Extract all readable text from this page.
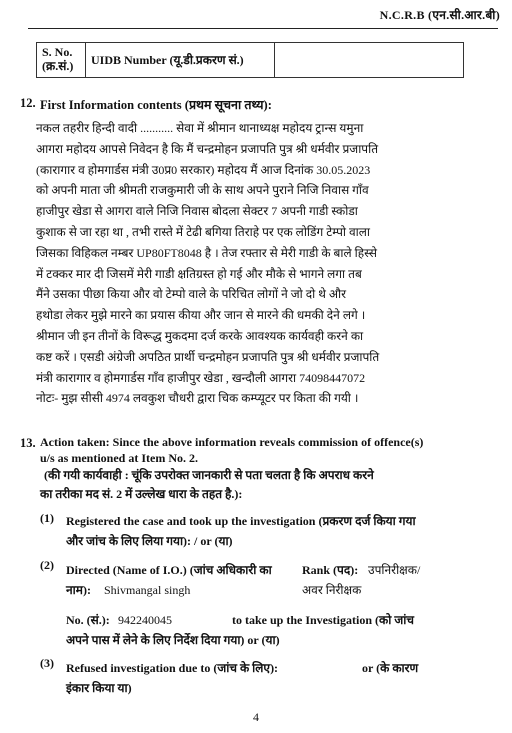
N.C.R.B (एन.सी.आर.बी)
S. No.
(क्र.सं.)	UIDB Number (यू.डी.प्रकरण सं.)	
12. First Information contents (प्रथम सूचना तथ्य):

नकल तहरीर हिन्दी वादी ........... सेवा में श्रीमान थानाध्यक्ष महोदय ट्रान्स यमुना

आगरा महोदय आपसे निवेदन है कि मैं चन्द्रमोहन प्रजापति पुत्र श्री धर्मवीर प्रजापति

(कारागार व होमगार्डस मंत्री उ0प्र0 सरकार) महोदय मैं आज दिनांक 30.05.2023

को अपनी माता जी श्रीमती राजकुमारी जी के साथ अपने पुराने निजि निवास गाँव

हाजीपुर खेडा से आगरा वाले निजि निवास बोदला सेक्टर 7 अपनी गाडी स्कोडा

कुशाक से जा रहा था , तभी रास्ते में टेढी बगिया तिराहे पर एक लोडिंग टेम्पो वाला

जिसका विहिकल नम्बर UP80FT8048 है । तेज रफ्तार से मेरी गाडी के बाले हिस्से

में टक्कर मार दी जिसमें मेरी गाडी क्षतिग्रस्त हो गई और मौके से भागने लगा तब

मैंने उसका पीछा किया और वो टेम्पो वाले के परिचित लोगों ने जो दो थे और

हथोडा लेकर मुझे मारने का प्रयास कीया और जान से मारने की धमकी देने लगे ।

श्रीमान जी इन तीनों के विरूद्ध मुकदमा दर्ज करके आवश्यक कार्यवही करने का

कष्ट करें । एसडी अंग्रेजी अपठित प्रार्थी चन्द्रमोहन प्रजापति पुत्र श्री धर्मवीर प्रजापति

मंत्री कारागार व होमगार्डस गाँव हाजीपुर खेडा , खन्दौली आगरा 74098447072

नोटः- मुझ सीसी 4974 लवकुश चौधरी द्वारा चिक कम्प्यूटर पर किता की गयी ।

13. Action taken: Since the above information reveals commission of offence(s)
u/s as mentioned at Item No. 2.
(की गयी कार्यवाही : चूंकि उपरोक्त जानकारी से पता चलता है कि अपराध करने
का तरीका मद सं. 2 में उल्लेख धारा के तहत है.):
(1) Registered the case and took up the investigation (प्रकरण दर्ज किया गया
और जांच के लिए लिया गया): / or (या)
(2) Directed (Name of I.O.) (जांच अधिकारी का
नाम): Shivmangal singh
Rank (पद): उपनिरीक्षक/
अवर निरीक्षक
No. (सं.): 942240045	to take up the Investigation (को जांच
अपने पास में लेने के लिए निर्देश दिया गया) or (या)
(3) Refused investigation due to (जांच के लिए):	or (के कारण
इंकार किया या)
4
